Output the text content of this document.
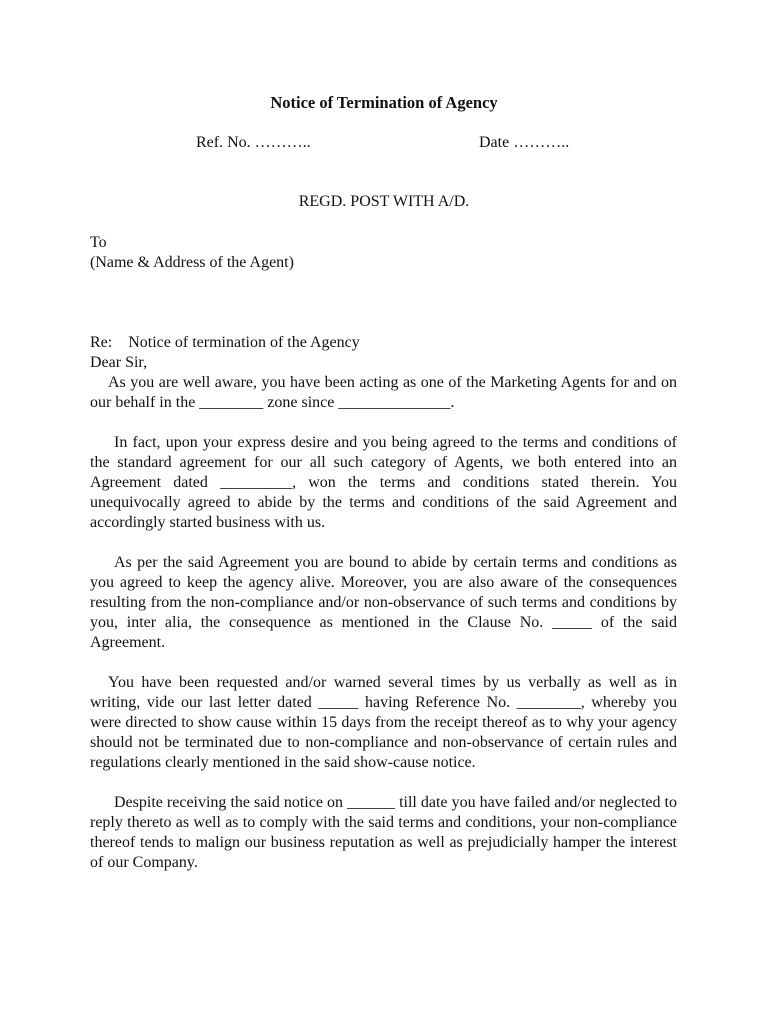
Notice of Termination of Agency
Ref. No. ………..	Date ………..
REGD. POST WITH A/D.
To
(Name & Address of the Agent)
Re:    Notice of termination of the Agency
Dear Sir,

As you are well aware, you have been acting as one of the Marketing Agents for and on our behalf in the ________ zone since ______________.

In fact, upon your express desire and you being agreed to the terms and conditions of the standard agreement for our all such category of Agents, we both entered into an Agreement dated _________, won the terms and conditions stated therein. You unequivocally agreed to abide by the terms and conditions of the said Agreement and accordingly started business with us.

As per the said Agreement you are bound to abide by certain terms and conditions as you agreed to keep the agency alive. Moreover, you are also aware of the consequences resulting from the non-compliance and/or non-observance of such terms and conditions by you, inter alia, the consequence as mentioned in the Clause No. _____ of the said Agreement.

You have been requested and/or warned several times by us verbally as well as in writing, vide our last letter dated _____ having Reference No. ________, whereby you were directed to show cause within 15 days from the receipt thereof as to why your agency should not be terminated due to non-compliance and non-observance of certain rules and regulations clearly mentioned in the said show-cause notice.

Despite receiving the said notice on ______ till date you have failed and/or neglected to reply thereto as well as to comply with the said terms and conditions, your non-compliance thereof tends to malign our business reputation as well as prejudicially hamper the interest of our Company.
